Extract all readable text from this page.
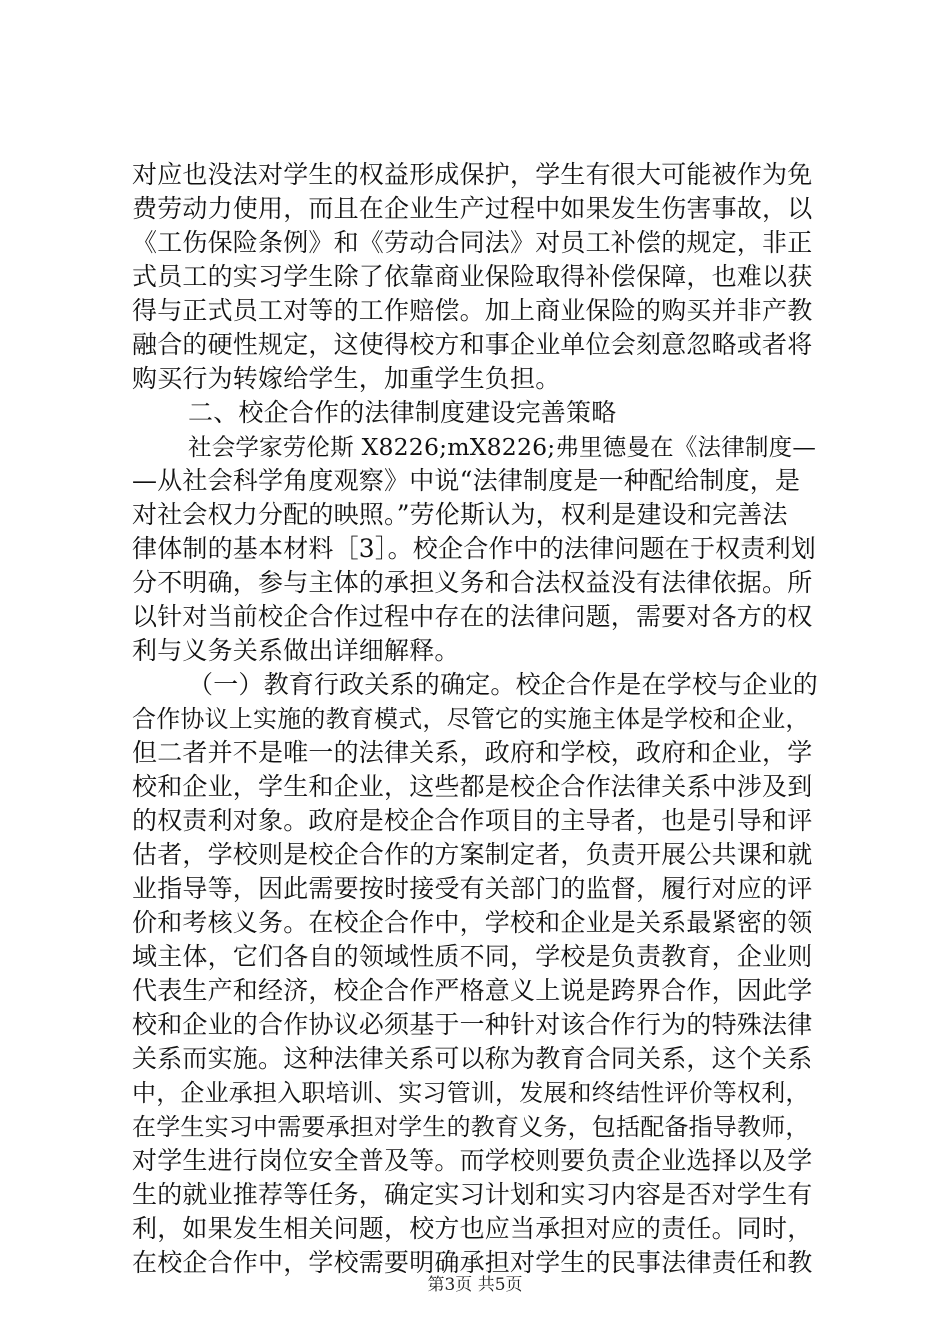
对应也没法对学生的权益形成保护，学生有很大可能被作为免
费劳动力使用，而且在企业生产过程中如果发生伤害事故，以
《工伤保险条例》和《劳动合同法》对员工补偿的规定，非正
式员工的实习学生除了依靠商业保险取得补偿保障，也难以获
得与正式员工对等的工作赔偿。加上商业保险的购买并非产教
融合的硬性规定，这使得校方和事企业单位会刻意忽略或者将
购买行为转嫁给学生，加重学生负担。
二、校企合作的法律制度建设完善策略
社会学家劳伦斯 X8226;mX8226;弗里德曼在《法律制度—
—从社会科学角度观察》中说“法律制度是一种配给制度，是
对社会权力分配的映照。”劳伦斯认为，权利是建设和完善法
律体制的基本材料［3］。校企合作中的法律问题在于权责利划
分不明确，参与主体的承担义务和合法权益没有法律依据。所
以针对当前校企合作过程中存在的法律问题，需要对各方的权
利与义务关系做出详细解释。
（一）教育行政关系的确定。校企合作是在学校与企业的
合作协议上实施的教育模式，尽管它的实施主体是学校和企业，
但二者并不是唯一的法律关系，政府和学校，政府和企业，学
校和企业，学生和企业，这些都是校企合作法律关系中涉及到
的权责利对象。政府是校企合作项目的主导者，也是引导和评
估者，学校则是校企合作的方案制定者，负责开展公共课和就
业指导等，因此需要按时接受有关部门的监督，履行对应的评
价和考核义务。在校企合作中，学校和企业是关系最紧密的领
域主体，它们各自的领域性质不同，学校是负责教育，企业则
代表生产和经济，校企合作严格意义上说是跨界合作，因此学
校和企业的合作协议必须基于一种针对该合作行为的特殊法律
关系而实施。这种法律关系可以称为教育合同关系，这个关系
中，企业承担入职培训、实习管训，发展和终结性评价等权利，
在学生实习中需要承担对学生的教育义务，包括配备指导教师，
对学生进行岗位安全普及等。而学校则要负责企业选择以及学
生的就业推荐等任务，确定实习计划和实习内容是否对学生有
利，如果发生相关问题，校方也应当承担对应的责任。同时，
在校企合作中，学校需要明确承担对学生的民事法律责任和教
第3页 共5页
